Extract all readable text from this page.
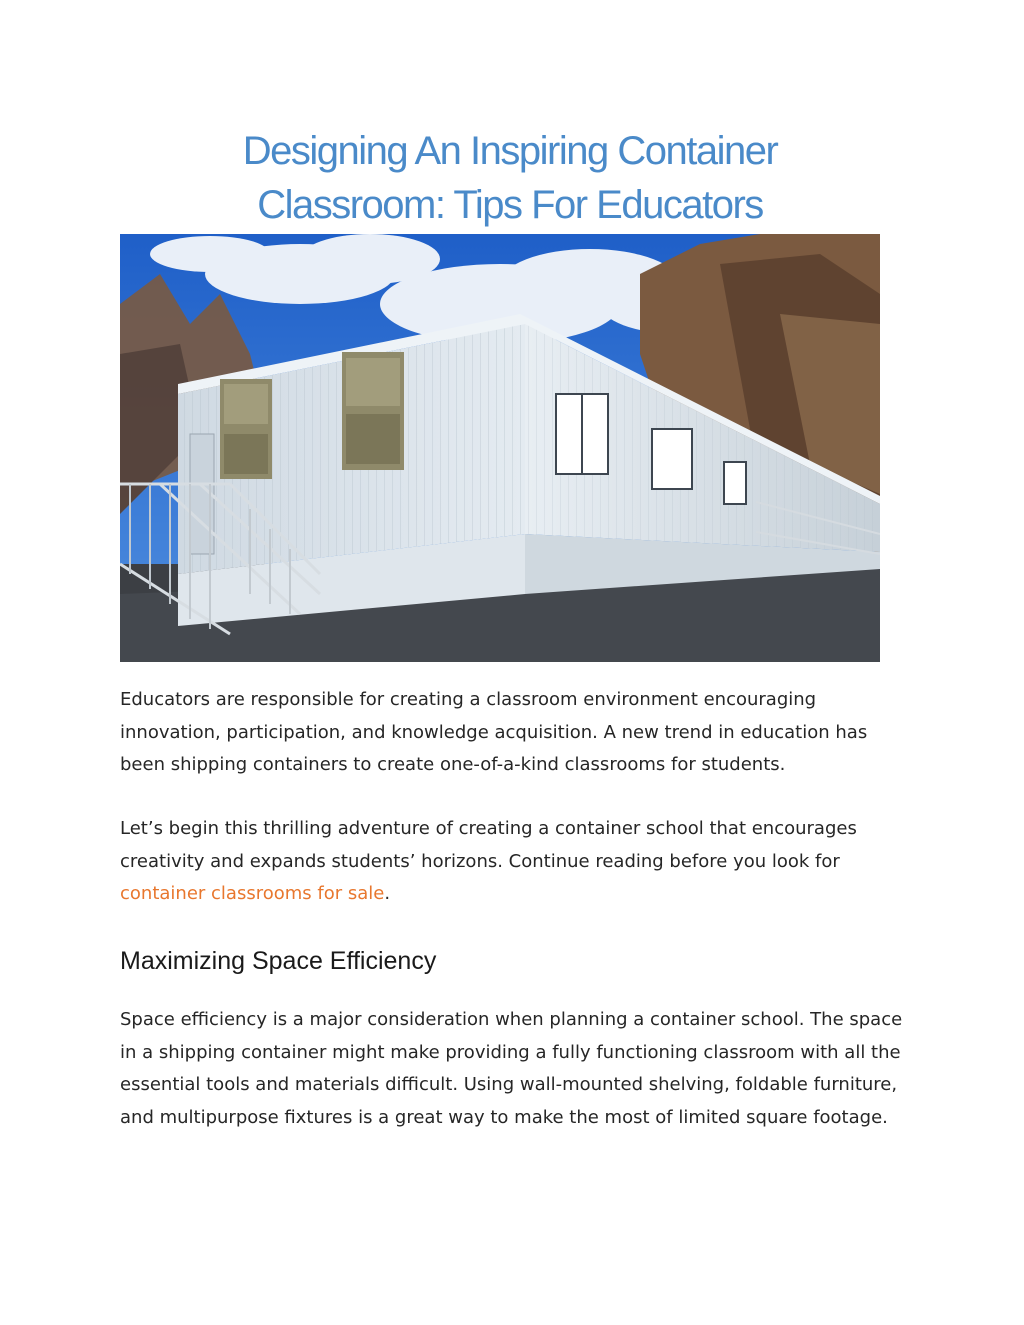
Designing An Inspiring Container
Classroom: Tips For Educators

Educators are responsible for creating a classroom environment encouraging innovation, participation, and knowledge acquisition. A new trend in education has been shipping containers to create one-of-a-kind classrooms for students.

Let’s begin this thrilling adventure of creating a container school that encourages creativity and expands students’ horizons. Continue reading before you look for container classrooms for sale.

Maximizing Space Efficiency

Space efficiency is a major consideration when planning a container school. The space in a shipping container might make providing a fully functioning classroom with all the essential tools and materials difficult. Using wall-mounted shelving, foldable furniture, and multipurpose fixtures is a great way to make the most of limited square footage.
